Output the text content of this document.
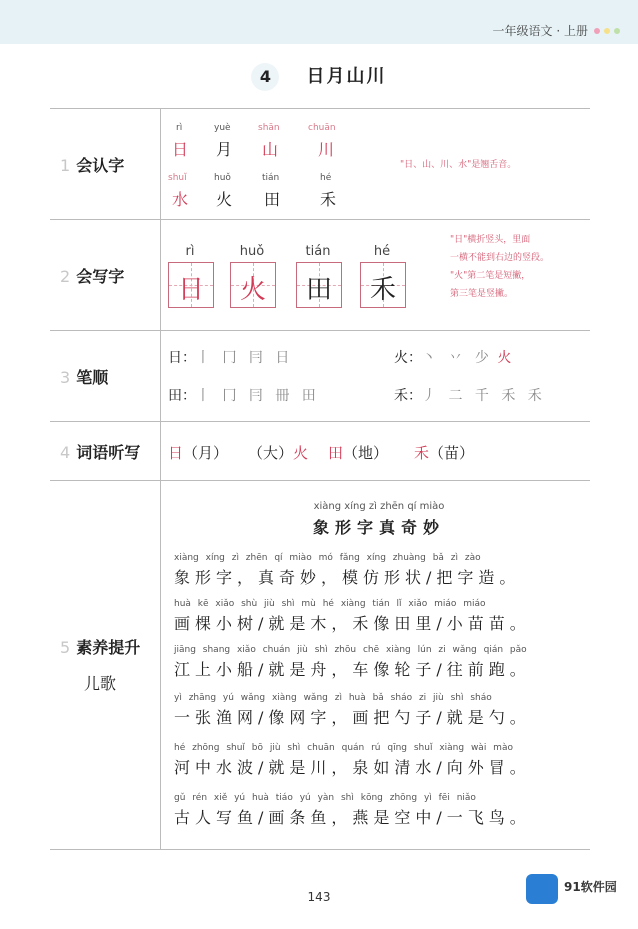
一年级语文 · 上册
4 日月山川
1 会认字
rì
日
yuè
月
shān
山
chuān
川
shuǐ
水
huǒ
火
tián
田
hé
禾
"日、山、川、水"是翘舌音。
2 会写字
rì
日
huǒ
火
tián
田
hé
禾
"日"横折竖头，里面
一横不能到右边的竖段。
"火"第二笔是短撇，
第三笔是竖撇。
3 笔顺
日：丨 冂 冃 日	火：丶 丷 少 火
田：丨 冂 冃 冊 田	禾：丿 二 千 禾 禾
4 词语听写 日（月） （大）火 田（地） 禾（苗）
5 素养提升
儿歌
xiàng xíng zì zhēn qí miào
象形字真奇妙
xiàng xíng zì zhēn qí miào mó fǎng xíng zhuàng bǎ zì zào
象形字，真奇妙，模仿形状/把字造。
huà kē xiǎo shù jiù shì mù hé xiàng tián lǐ xiǎo miáo miáo
画棵小树/就是木，禾像田里/小苗苗。
jiāng shang xiǎo chuán jiù shì zhōu chē xiàng lún zi wǎng qián pǎo
江上小船/就是舟，车像轮子/往前跑。
yì zhāng yú wǎng xiàng wǎng zì huà bǎ sháo zi jiù shì sháo
一张渔网/像网字，画把勺子/就是勺。
hé zhōng shuǐ bō jiù shì chuān quán rú qīng shuǐ xiàng wài mào
河中水波/就是川，泉如清水/向外冒。
gǔ rén xiě yú huà tiáo yú yàn shì kōng zhōng yì fēi niǎo
古人写鱼/画条鱼，燕是空中/一飞鸟。
143
91软件园
